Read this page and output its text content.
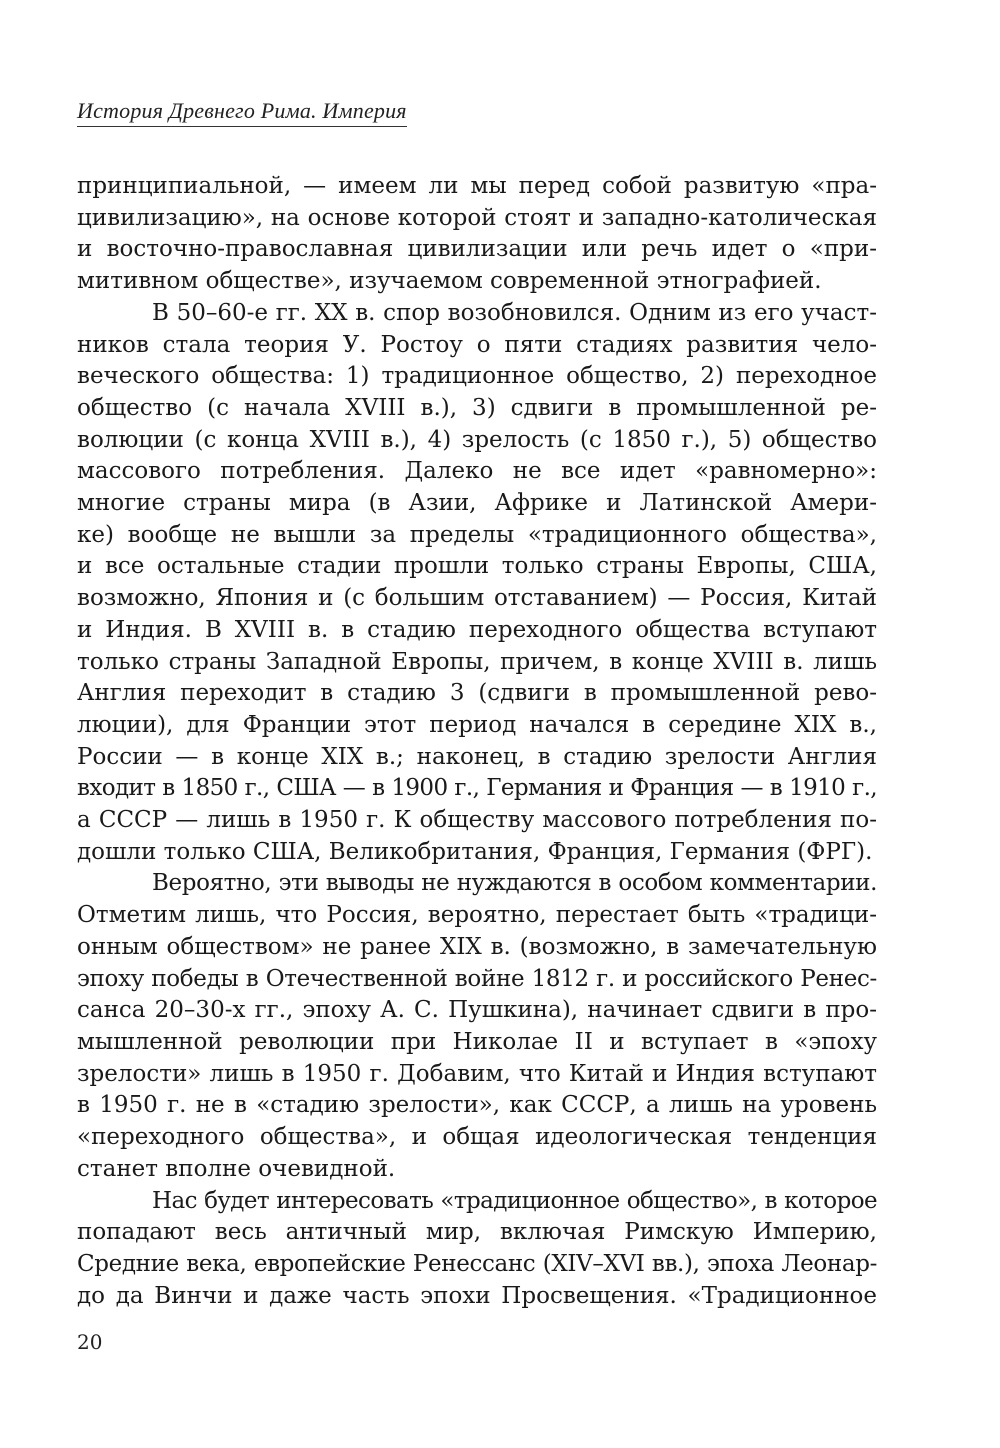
История Древнего Рима. Империя
принципиальной, — имеем ли мы перед собой развитую «пра-
цивилизацию», на основе которой стоят и западно-католическая
и восточно-православная цивилизации или речь идет о «при-
митивном обществе», изучаемом современной этнографией.
В 50–60-е гг. XX в. спор возобновился. Одним из его участ-
ников стала теория У. Ростоу о пяти стадиях развития чело-
веческого общества: 1) традиционное общество, 2) переходное
общество (с начала XVIII в.), 3) сдвиги в промышленной ре-
волюции (с конца XVIII в.), 4) зрелость (с 1850 г.), 5) общество
массового потребления. Далеко не все идет «равномерно»:
многие страны мира (в Азии, Африке и Латинской Амери-
ке) вообще не вышли за пределы «традиционного общества»,
и все остальные стадии прошли только страны Европы, США,
возможно, Япония и (с большим отставанием) — Россия, Китай
и Индия. В XVIII в. в стадию переходного общества вступают
только страны Западной Европы, причем, в конце XVIII в. лишь
Англия переходит в стадию 3 (сдвиги в промышленной рево-
люции), для Франции этот период начался в середине XIX в.,
России — в конце XIX в.; наконец, в стадию зрелости Англия
входит в 1850 г., США — в 1900 г., Германия и Франция — в 1910 г.,
а СССР — лишь в 1950 г. К обществу массового потребления по-
дошли только США, Великобритания, Франция, Германия (ФРГ).
Вероятно, эти выводы не нуждаются в особом комментарии.
Отметим лишь, что Россия, вероятно, перестает быть «традици-
онным обществом» не ранее XIX в. (возможно, в замечательную
эпоху победы в Отечественной войне 1812 г. и российского Ренес-
санса 20–30-х гг., эпоху А. С. Пушкина), начинает сдвиги в про-
мышленной революции при Николае II и вступает в «эпоху
зрелости» лишь в 1950 г. Добавим, что Китай и Индия вступают
в 1950 г. не в «стадию зрелости», как СССР, а лишь на уровень
«переходного общества», и общая идеологическая тенденция
станет вполне очевидной.
Нас будет интересовать «традиционное общество», в которое
попадают весь античный мир, включая Римскую Империю,
Средние века, европейские Ренессанс (XIV–XVI вв.), эпоха Леонар-
до да Винчи и даже часть эпохи Просвещения. «Традиционное
20
